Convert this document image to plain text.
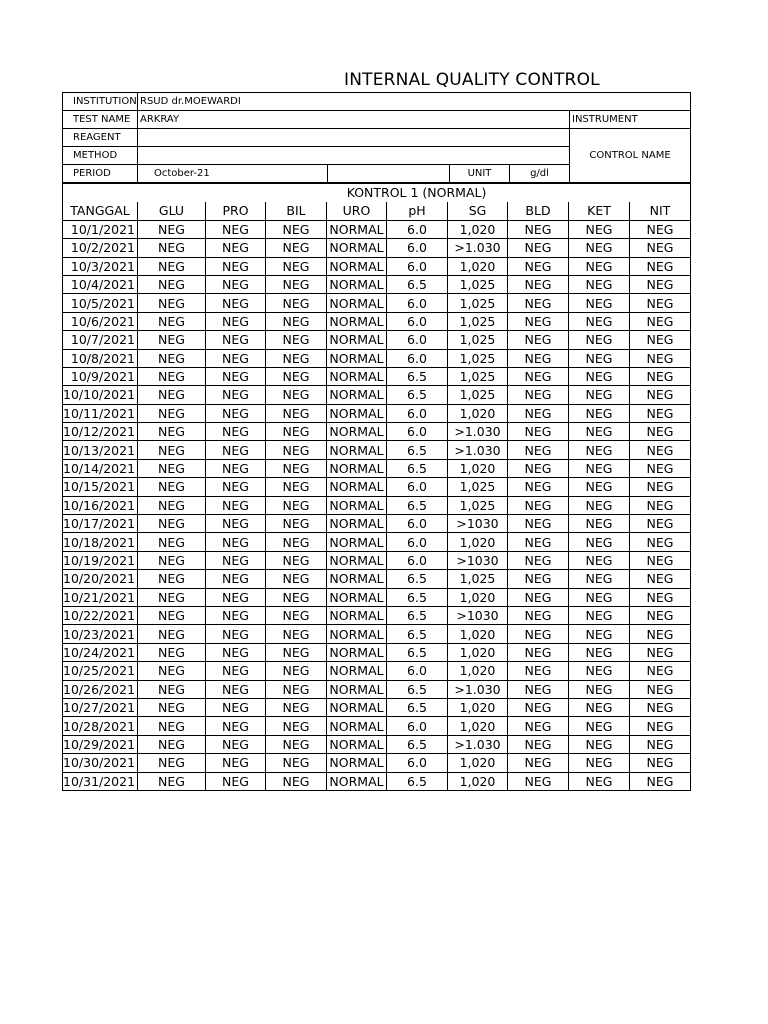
INTERNAL QUALITY CONTROL
INSTITUTION	RSUD dr.MOEWARDI				
TEST NAME	ARKRAY				INSTRUMENT
REAGENT					CONTROL NAME
METHOD					
PERIOD	October-21		UNIT	g/dl	
KONTROL 1 (NORMAL)									
TANGGAL	GLU	PRO	BIL	URO	pH	SG	BLD	KET	NIT
10/1/2021	NEG	NEG	NEG	NORMAL	6.0	1,020	NEG	NEG	NEG
10/2/2021	NEG	NEG	NEG	NORMAL	6.0	>1.030	NEG	NEG	NEG
10/3/2021	NEG	NEG	NEG	NORMAL	6.0	1,020	NEG	NEG	NEG
10/4/2021	NEG	NEG	NEG	NORMAL	6.5	1,025	NEG	NEG	NEG
10/5/2021	NEG	NEG	NEG	NORMAL	6.0	1,025	NEG	NEG	NEG
10/6/2021	NEG	NEG	NEG	NORMAL	6.0	1,025	NEG	NEG	NEG
10/7/2021	NEG	NEG	NEG	NORMAL	6.0	1,025	NEG	NEG	NEG
10/8/2021	NEG	NEG	NEG	NORMAL	6.0	1,025	NEG	NEG	NEG
10/9/2021	NEG	NEG	NEG	NORMAL	6.5	1,025	NEG	NEG	NEG
10/10/2021	NEG	NEG	NEG	NORMAL	6.5	1,025	NEG	NEG	NEG
10/11/2021	NEG	NEG	NEG	NORMAL	6.0	1,020	NEG	NEG	NEG
10/12/2021	NEG	NEG	NEG	NORMAL	6.0	>1.030	NEG	NEG	NEG
10/13/2021	NEG	NEG	NEG	NORMAL	6.5	>1.030	NEG	NEG	NEG
10/14/2021	NEG	NEG	NEG	NORMAL	6.5	1,020	NEG	NEG	NEG
10/15/2021	NEG	NEG	NEG	NORMAL	6.0	1,025	NEG	NEG	NEG
10/16/2021	NEG	NEG	NEG	NORMAL	6.5	1,025	NEG	NEG	NEG
10/17/2021	NEG	NEG	NEG	NORMAL	6.0	>1030	NEG	NEG	NEG
10/18/2021	NEG	NEG	NEG	NORMAL	6.0	1,020	NEG	NEG	NEG
10/19/2021	NEG	NEG	NEG	NORMAL	6.0	>1030	NEG	NEG	NEG
10/20/2021	NEG	NEG	NEG	NORMAL	6.5	1,025	NEG	NEG	NEG
10/21/2021	NEG	NEG	NEG	NORMAL	6.5	1,020	NEG	NEG	NEG
10/22/2021	NEG	NEG	NEG	NORMAL	6.5	>1030	NEG	NEG	NEG
10/23/2021	NEG	NEG	NEG	NORMAL	6.5	1,020	NEG	NEG	NEG
10/24/2021	NEG	NEG	NEG	NORMAL	6.5	1,020	NEG	NEG	NEG
10/25/2021	NEG	NEG	NEG	NORMAL	6.0	1,020	NEG	NEG	NEG
10/26/2021	NEG	NEG	NEG	NORMAL	6.5	>1.030	NEG	NEG	NEG
10/27/2021	NEG	NEG	NEG	NORMAL	6.5	1,020	NEG	NEG	NEG
10/28/2021	NEG	NEG	NEG	NORMAL	6.0	1,020	NEG	NEG	NEG
10/29/2021	NEG	NEG	NEG	NORMAL	6.5	>1.030	NEG	NEG	NEG
10/30/2021	NEG	NEG	NEG	NORMAL	6.0	1,020	NEG	NEG	NEG
10/31/2021	NEG	NEG	NEG	NORMAL	6.5	1,020	NEG	NEG	NEG
